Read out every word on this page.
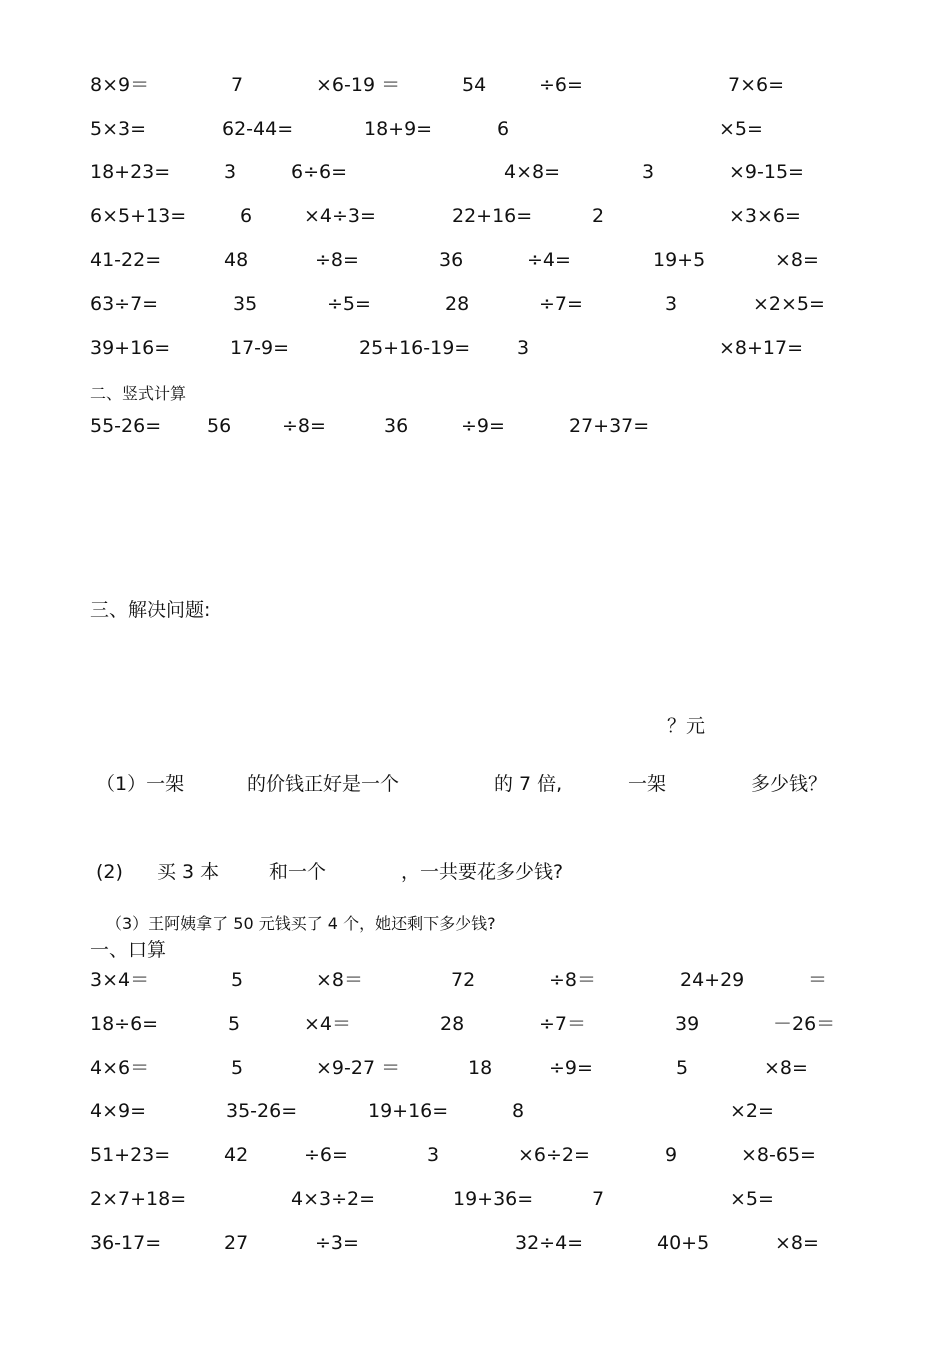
8×9＝	7	×6-19 ＝	54	÷6=	7×6=
5×3=	62-44=	18+9=	6	×5=
18+23=	3	6÷6=	4×8=	3	×9-15=
6×5+13=	6	×4÷3=	22+16=	2	×3×6=
41-22=	48	÷8=	36	÷4=	19+5	×8=
63÷7=	35	÷5=	28	÷7=	3	×2×5=
39+16=	17-9=	25+16-19= 3	×8+17=
二、竖式计算
55-26= 56	÷8=	36	÷9=	27+37=
三、解决问题:
？元
（1）一架	的价钱正好是一个	的 7 倍,	一架	多少钱？
(2) 买 3 本	和一个	，一共要花多少钱?
（3）王阿姨拿了 50 元钱买了 4 个，她还剩下多少钱?
一、口算
3×4＝	5	×8＝	72	÷8＝	24+29	＝
18÷6=	5	×4＝	28	÷7＝	39	－26＝
4×6＝	5	×9-27 ＝	18	÷9=	5	×8=
4×9=	35-26=	19+16=	8	×2=
51+23=	42	÷6=	3	×6÷2=	9	×8-65=
2×7+18=	4×3÷2=	19+36=	7	×5=
36-17=	27	÷3=	32÷4=	40+5	×8=
